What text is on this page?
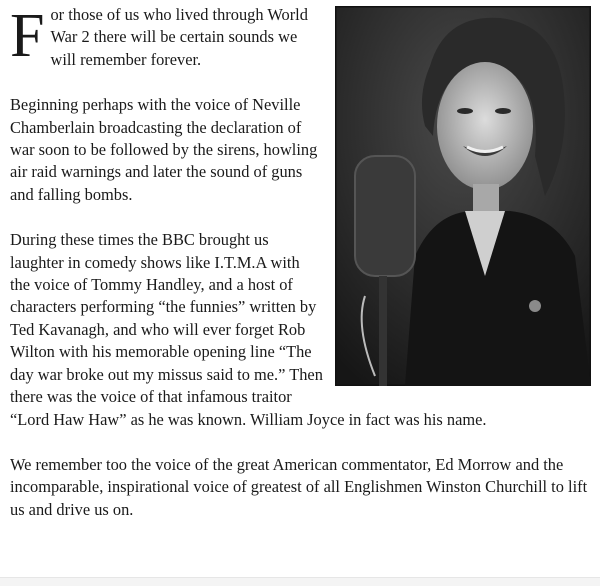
For those of us who lived through World War 2 there will be certain sounds we will remember forever.

Beginning perhaps with the voice of Neville Chamberlain broadcasting the declaration of war soon to be followed by the sirens, howling air raid warnings and later the sound of guns and falling bombs.

During these times the BBC brought us laughter in comedy shows like I.T.M.A with the voice of Tommy Handley, and a host of characters performing “the funnies” written by Ted Kavanagh, and who will ever forget Rob Wilton with his memorable opening line “The day war broke out my missus said to me.” Then there was the voice of that infamous traitor “Lord Haw Haw” as he was known. William Joyce in fact was his name.

We remember too the voice of the great American commentator, Ed Morrow and the incomparable, inspirational voice of greatest of all Englishmen Winston Churchill to lift us and drive us on.
